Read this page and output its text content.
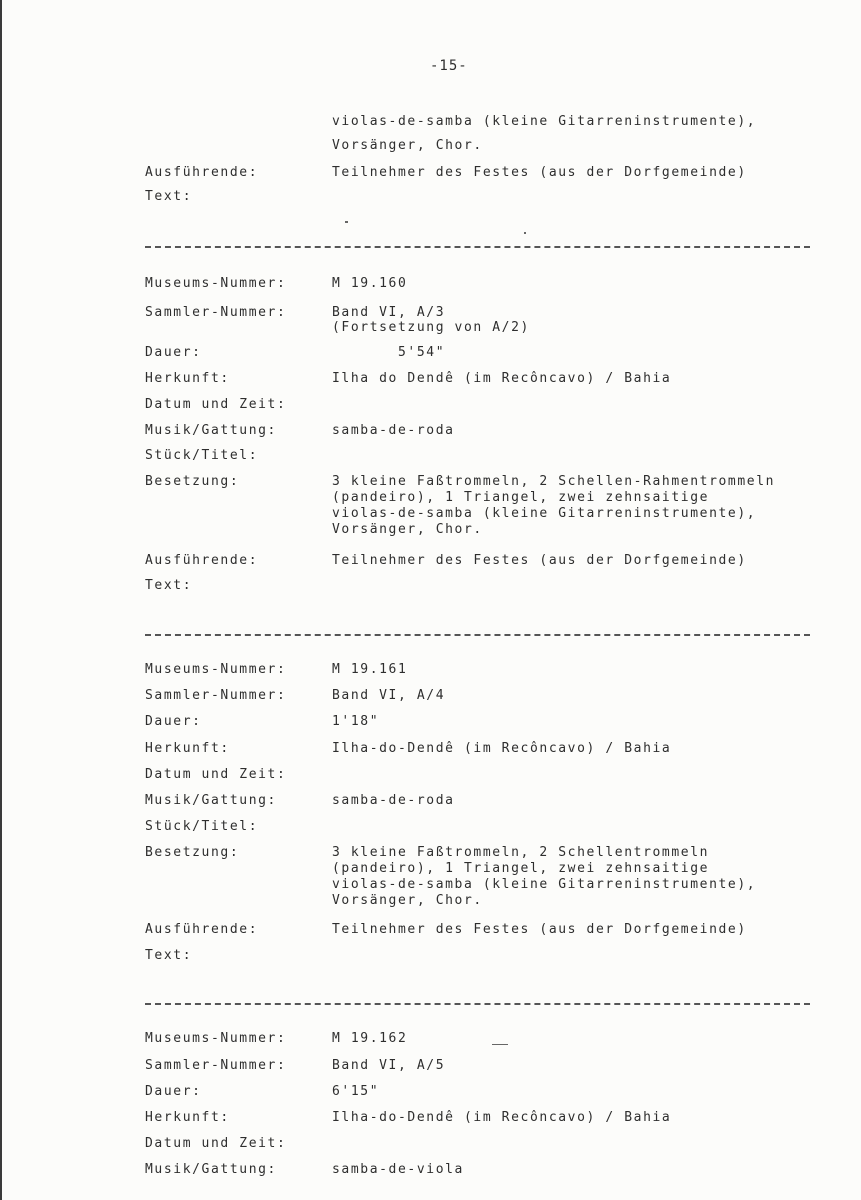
-15-
violas-de-samba (kleine Gitarreninstrumente),
Vorsänger, Chor.
Ausführende:	Teilnehmer des Festes (aus der Dorfgemeinde)
Text:
Museums-Nummer:	M 19.160
Sammler-Nummer:	Band VI, A/3
(Fortsetzung von A/2)
Dauer:	5'54"
Herkunft:	Ilha do Dendê (im Recôncavo) / Bahia
Datum und Zeit:
Musik/Gattung:	samba-de-roda
Stück/Titel:
Besetzung:	3 kleine Faßtrommeln, 2 Schellen-Rahmentrommeln
(pandeiro), 1 Triangel, zwei zehnsaitige
violas-de-samba (kleine Gitarreninstrumente),
Vorsänger, Chor.
Ausführende:	Teilnehmer des Festes (aus der Dorfgemeinde)
Text:
Museums-Nummer:	M 19.161
Sammler-Nummer:	Band VI, A/4
Dauer:	1'18"
Herkunft:	Ilha-do-Dendê (im Recôncavo) / Bahia
Datum und Zeit:
Musik/Gattung:	samba-de-roda
Stück/Titel:
Besetzung:	3 kleine Faßtrommeln, 2 Schellentrommeln
(pandeiro), 1 Triangel, zwei zehnsaitige
violas-de-samba (kleine Gitarreninstrumente),
Vorsänger, Chor.
Ausführende:	Teilnehmer des Festes (aus der Dorfgemeinde)
Text:
Museums-Nummer:	M 19.162
Sammler-Nummer:	Band VI, A/5
Dauer:	6'15"
Herkunft:	Ilha-do-Dendê (im Recôncavo) / Bahia
Datum und Zeit:
Musik/Gattung:	samba-de-viola
